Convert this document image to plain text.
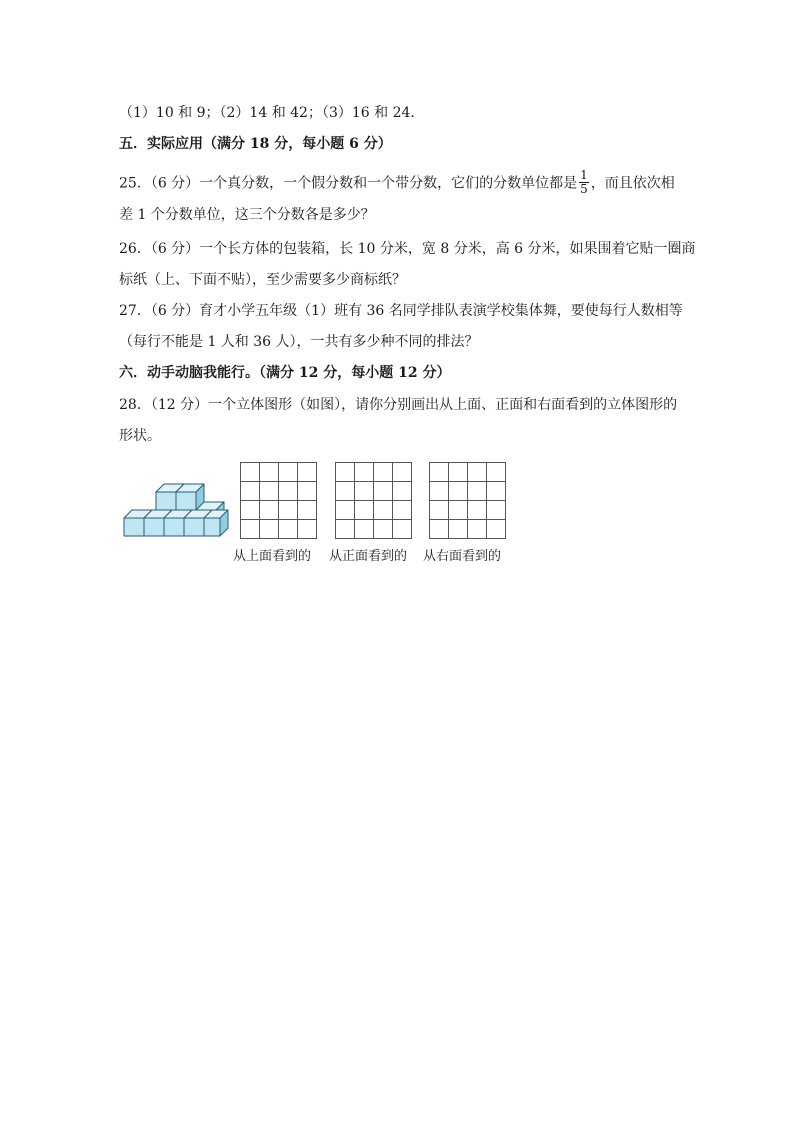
（1）10 和 9；（2）14 和 42；（3）16 和 24．
五．实际应用（满分 18 分，每小题 6 分）
25．（6 分）一个真分数，一个假分数和一个带分数，它们的分数单位都是 $\frac{1}{5}$ ，而且依次相
差 1 个分数单位，这三个分数各是多少？
26．（6 分）一个长方体的包装箱，长 10 分米，宽 8 分米，高 6 分米，如果围着它贴一圈商
标纸（上、下面不贴），至少需要多少商标纸？
27．（6 分）育才小学五年级（1）班有 36 名同学排队表演学校集体舞，要使每行人数相等
（每行不能是 1 人和 36 人），一共有多少种不同的排法？
六．动手动脑我能行。（满分 12 分，每小题 12 分）
28．（12 分）一个立体图形（如图），请你分别画出从上面、正面和右面看到的立体图形的
形状。
从上面看到的 从正面看到的 从右面看到的
